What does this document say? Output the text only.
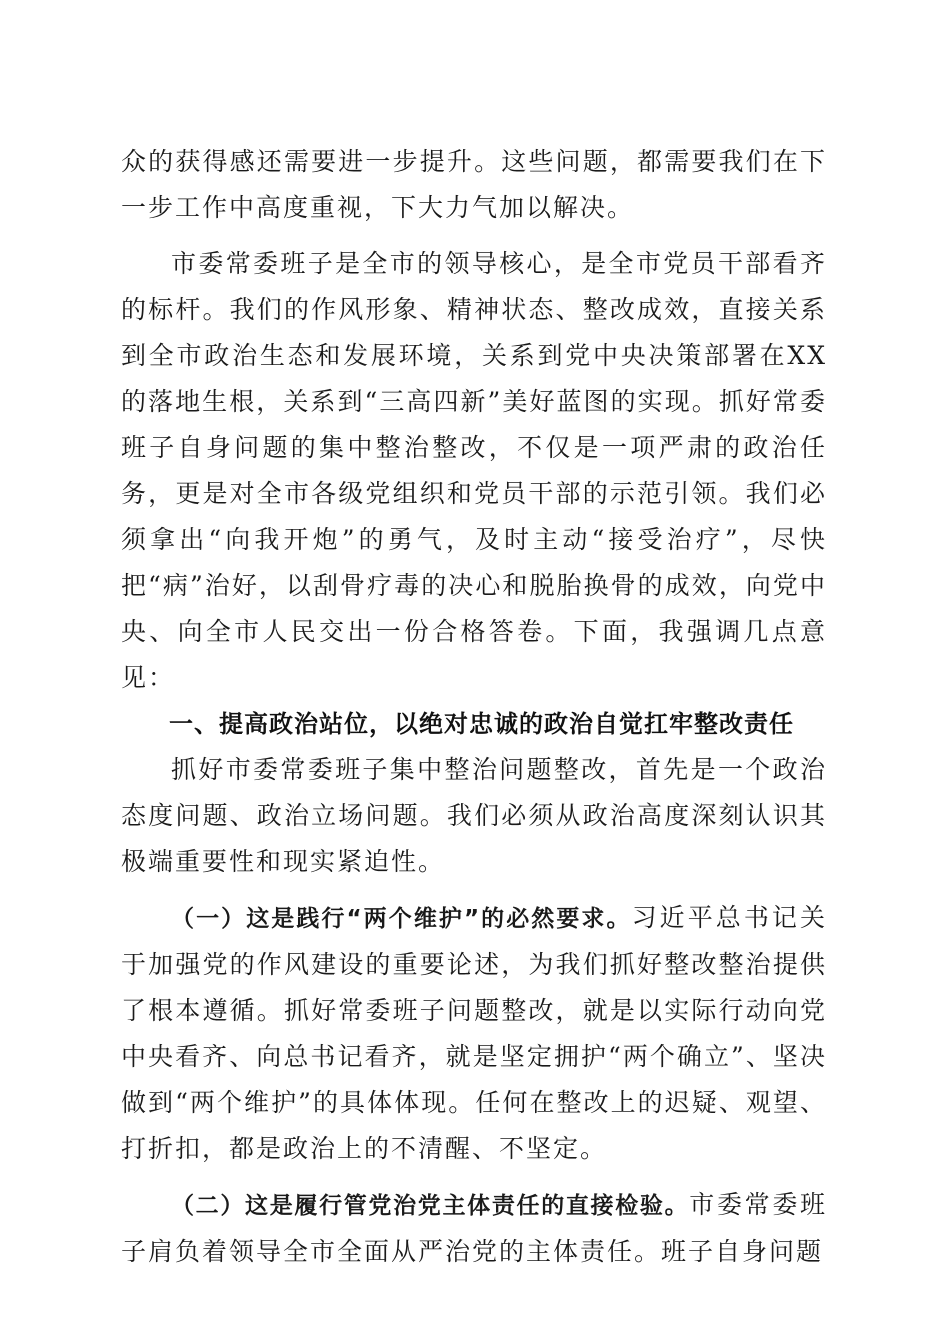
众的获得感还需要进一步提升。这些问题，都需要我们在下一步工作中高度重视，下大力气加以解决。

市委常委班子是全市的领导核心，是全市党员干部看齐的标杆。我们的作风形象、精神状态、整改成效，直接关系到全市政治生态和发展环境，关系到党中央决策部署在XX的落地生根，关系到“三高四新”美好蓝图的实现。抓好常委班子自身问题的集中整治整改，不仅是一项严肃的政治任务，更是对全市各级党组织和党员干部的示范引领。我们必须拿出“向我开炮”的勇气，及时主动“接受治疗”，尽快把“病”治好，以刮骨疗毒的决心和脱胎换骨的成效，向党中央、向全市人民交出一份合格答卷。下面，我强调几点意见：

一、提高政治站位，以绝对忠诚的政治自觉扛牢整改责任

抓好市委常委班子集中整治问题整改，首先是一个政治态度问题、政治立场问题。我们必须从政治高度深刻认识其极端重要性和现实紧迫性。

（一）这是践行“两个维护”的必然要求。习近平总书记关于加强党的作风建设的重要论述，为我们抓好整改整治提供了根本遵循。抓好常委班子问题整改，就是以实际行动向党中央看齐、向总书记看齐，就是坚定拥护“两个确立”、坚决做到“两个维护”的具体体现。任何在整改上的迟疑、观望、打折扣，都是政治上的不清醒、不坚定。

（二）这是履行管党治党主体责任的直接检验。市委常委班子肩负着领导全市全面从严治党的主体责任。班子自身问题
